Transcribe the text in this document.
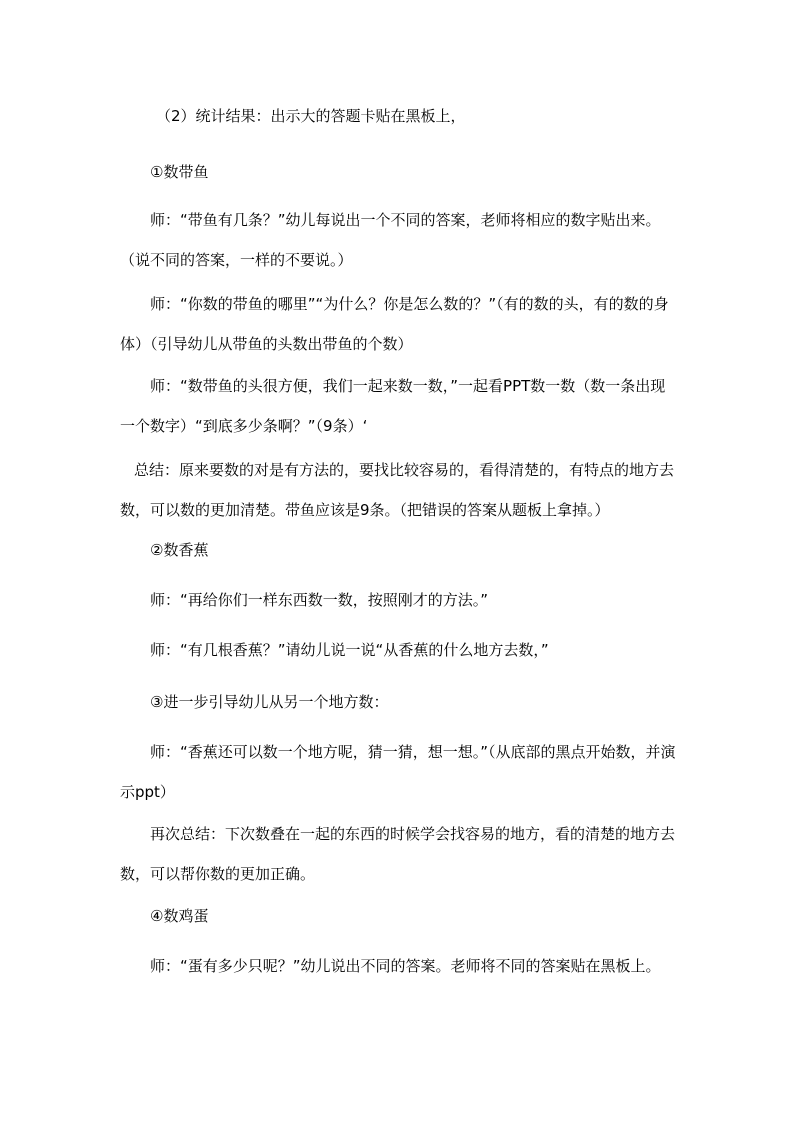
（2）统计结果：出示大的答题卡贴在黑板上，

①数带鱼

师：“带鱼有几条？”幼儿每说出一个不同的答案，老师将相应的数字贴出来。（说不同的答案，一样的不要说。）

师：“你数的带鱼的哪里”“为什么？你是怎么数的？”（有的数的头，有的数的身体）（引导幼儿从带鱼的头数出带鱼的个数）

师：“数带鱼的头很方便，我们一起来数一数，”一起看PPT数一数（数一条出现一个数字）“到底多少条啊？”（9条）‘

总结：原来要数的对是有方法的，要找比较容易的，看得清楚的，有特点的地方去数，可以数的更加清楚。带鱼应该是9条。（把错误的答案从题板上拿掉。）

②数香蕉

师：“再给你们一样东西数一数，按照刚才的方法。”

师：“有几根香蕉？”请幼儿说一说“从香蕉的什么地方去数，”

③进一步引导幼儿从另一个地方数：

师：“香蕉还可以数一个地方呢，猜一猜，想一想。”（从底部的黑点开始数，并演示ppt）

再次总结：下次数叠在一起的东西的时候学会找容易的地方，看的清楚的地方去数，可以帮你数的更加正确。

④数鸡蛋

师：“蛋有多少只呢？”幼儿说出不同的答案。老师将不同的答案贴在黑板上。
